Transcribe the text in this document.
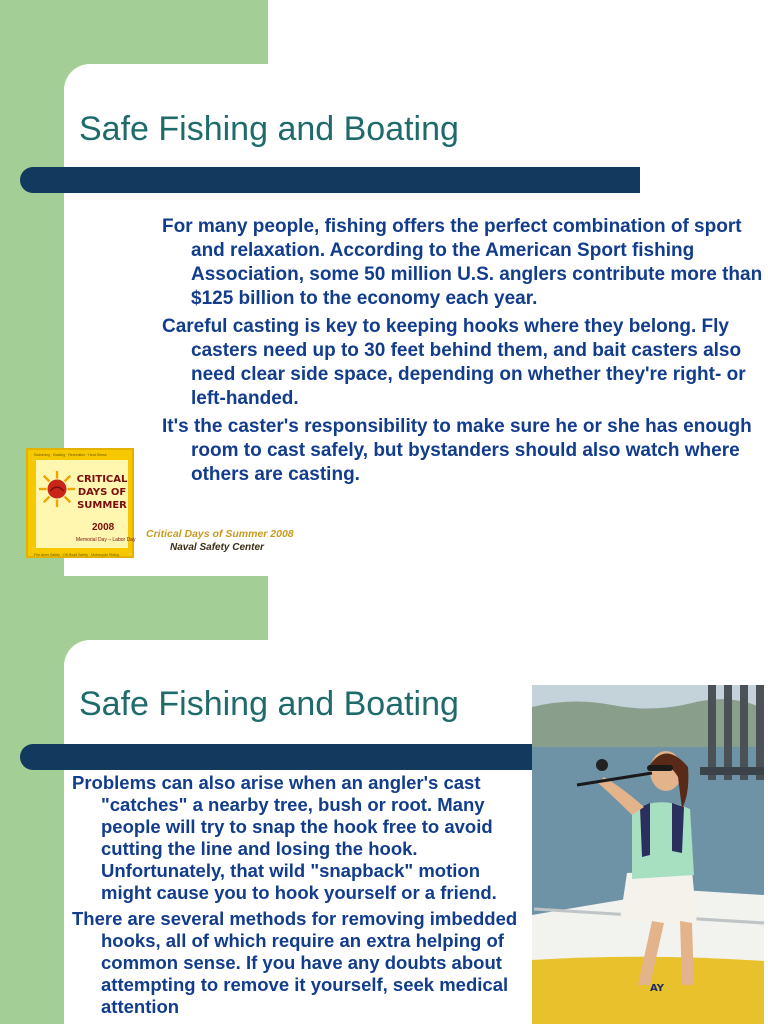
Safe Fishing and Boating

For many people, fishing offers the perfect combination of sport and relaxation. According to the American Sport fishing Association, some 50 million U.S. anglers contribute more than $125 billion to the economy each year.

Careful casting is key to keeping hooks where they belong. Fly casters need up to 30 feet behind them, and bait casters also need clear side space, depending on whether they're right- or left-handed.

It's the caster's responsibility to make sure he or she has enough room to cast safely, but bystanders should also watch where others are casting.

Swimming · Boating · Recreation · Heat Stress

CRITICAL
DAYS OF
SUMMER

2008
Memorial Day – Labor Day
Fire Arms Safety · Off-Road Safety · Motorcycle Riding
Critical Days of Summer 2008
Naval Safety Center
Safe Fishing and Boating

Problems can also arise when an angler's cast "catches" a nearby tree, bush or root. Many people will try to snap the hook free to avoid cutting the line and losing the hook. Unfortunately, that wild "snapback" motion might cause you to hook yourself or a friend.

There are several methods for removing imbedded hooks, all of which require an extra helping of common sense. If you have any doubts about attempting to remove it yourself, seek medical attention

AY
